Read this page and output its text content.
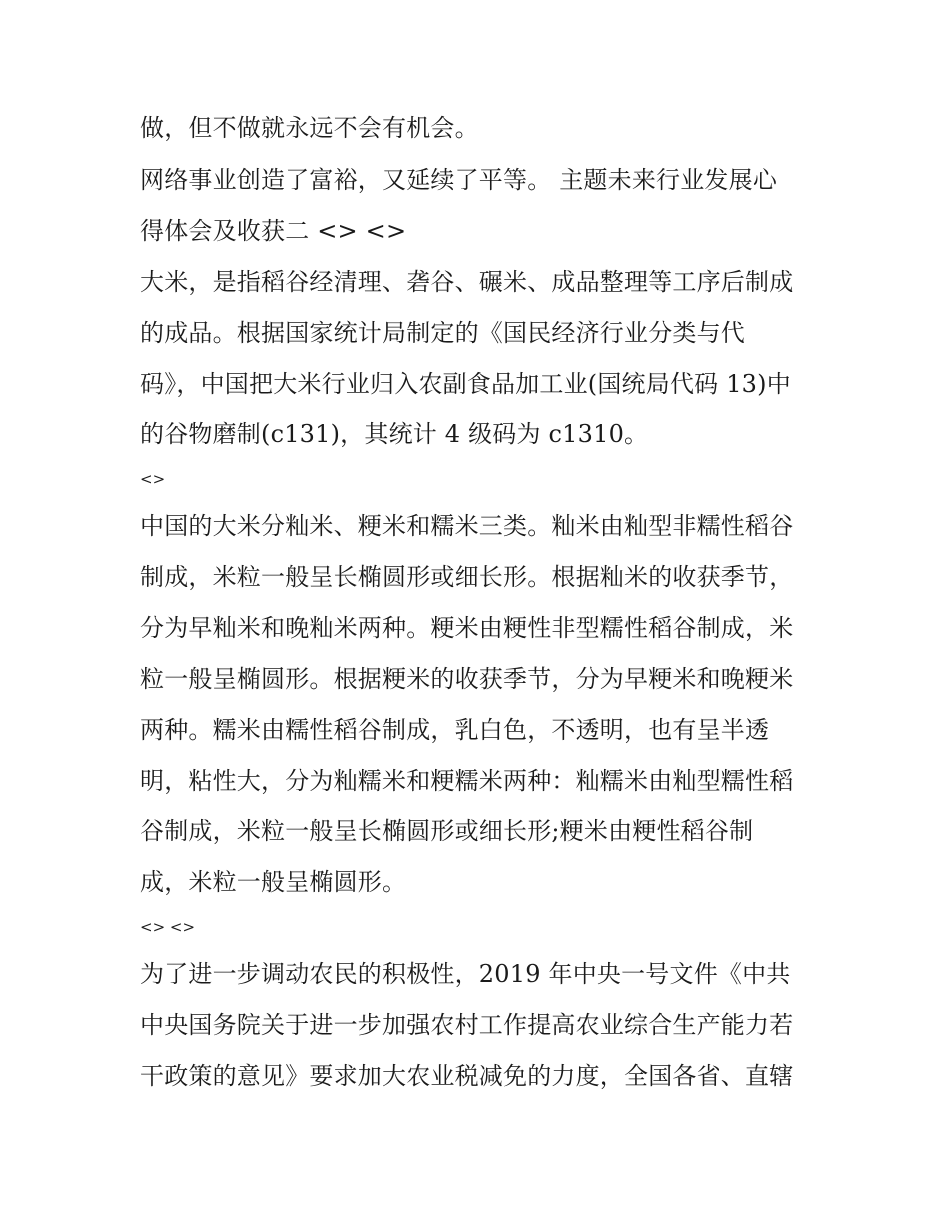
做，但不做就永远不会有机会。
网络事业创造了富裕，又延续了平等。 主题未来行业发展心
得体会及收获二 <> <>
大米，是指稻谷经清理、砻谷、碾米、成品整理等工序后制成
的成品。根据国家统计局制定的《国民经济行业分类与代
码》，中国把大米行业归入农副食品加工业(国统局代码 13)中
的谷物磨制(c131)，其统计 4 级码为 c1310。
<>
中国的大米分籼米、粳米和糯米三类。籼米由籼型非糯性稻谷
制成，米粒一般呈长椭圆形或细长形。根据籼米的收获季节，
分为早籼米和晚籼米两种。粳米由粳性非型糯性稻谷制成，米
粒一般呈椭圆形。根据粳米的收获季节，分为早粳米和晚粳米
两种。糯米由糯性稻谷制成，乳白色，不透明，也有呈半透
明，粘性大，分为籼糯米和粳糯米两种：籼糯米由籼型糯性稻
谷制成，米粒一般呈长椭圆形或细长形;粳米由粳性稻谷制
成，米粒一般呈椭圆形。
<> <>
为了进一步调动农民的积极性，2019 年中央一号文件《中共
中央国务院关于进一步加强农村工作提高农业综合生产能力若
干政策的意见》要求加大农业税减免的力度，全国各省、直辖
